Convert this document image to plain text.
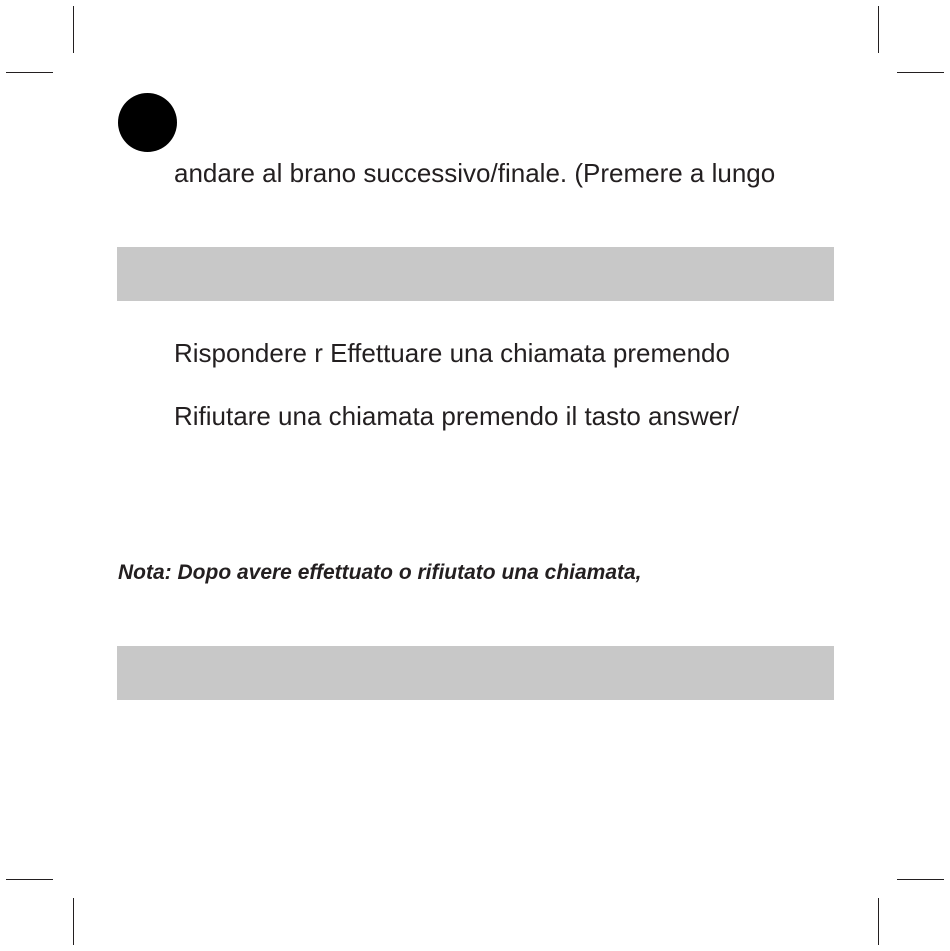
andare al brano successivo/finale. (Premere a lungo
Rispondere r Effettuare una chiamata premendo
Rifiutare una chiamata premendo il tasto answer/
Nota: Dopo avere effettuato o rifiutato una chiamata,
